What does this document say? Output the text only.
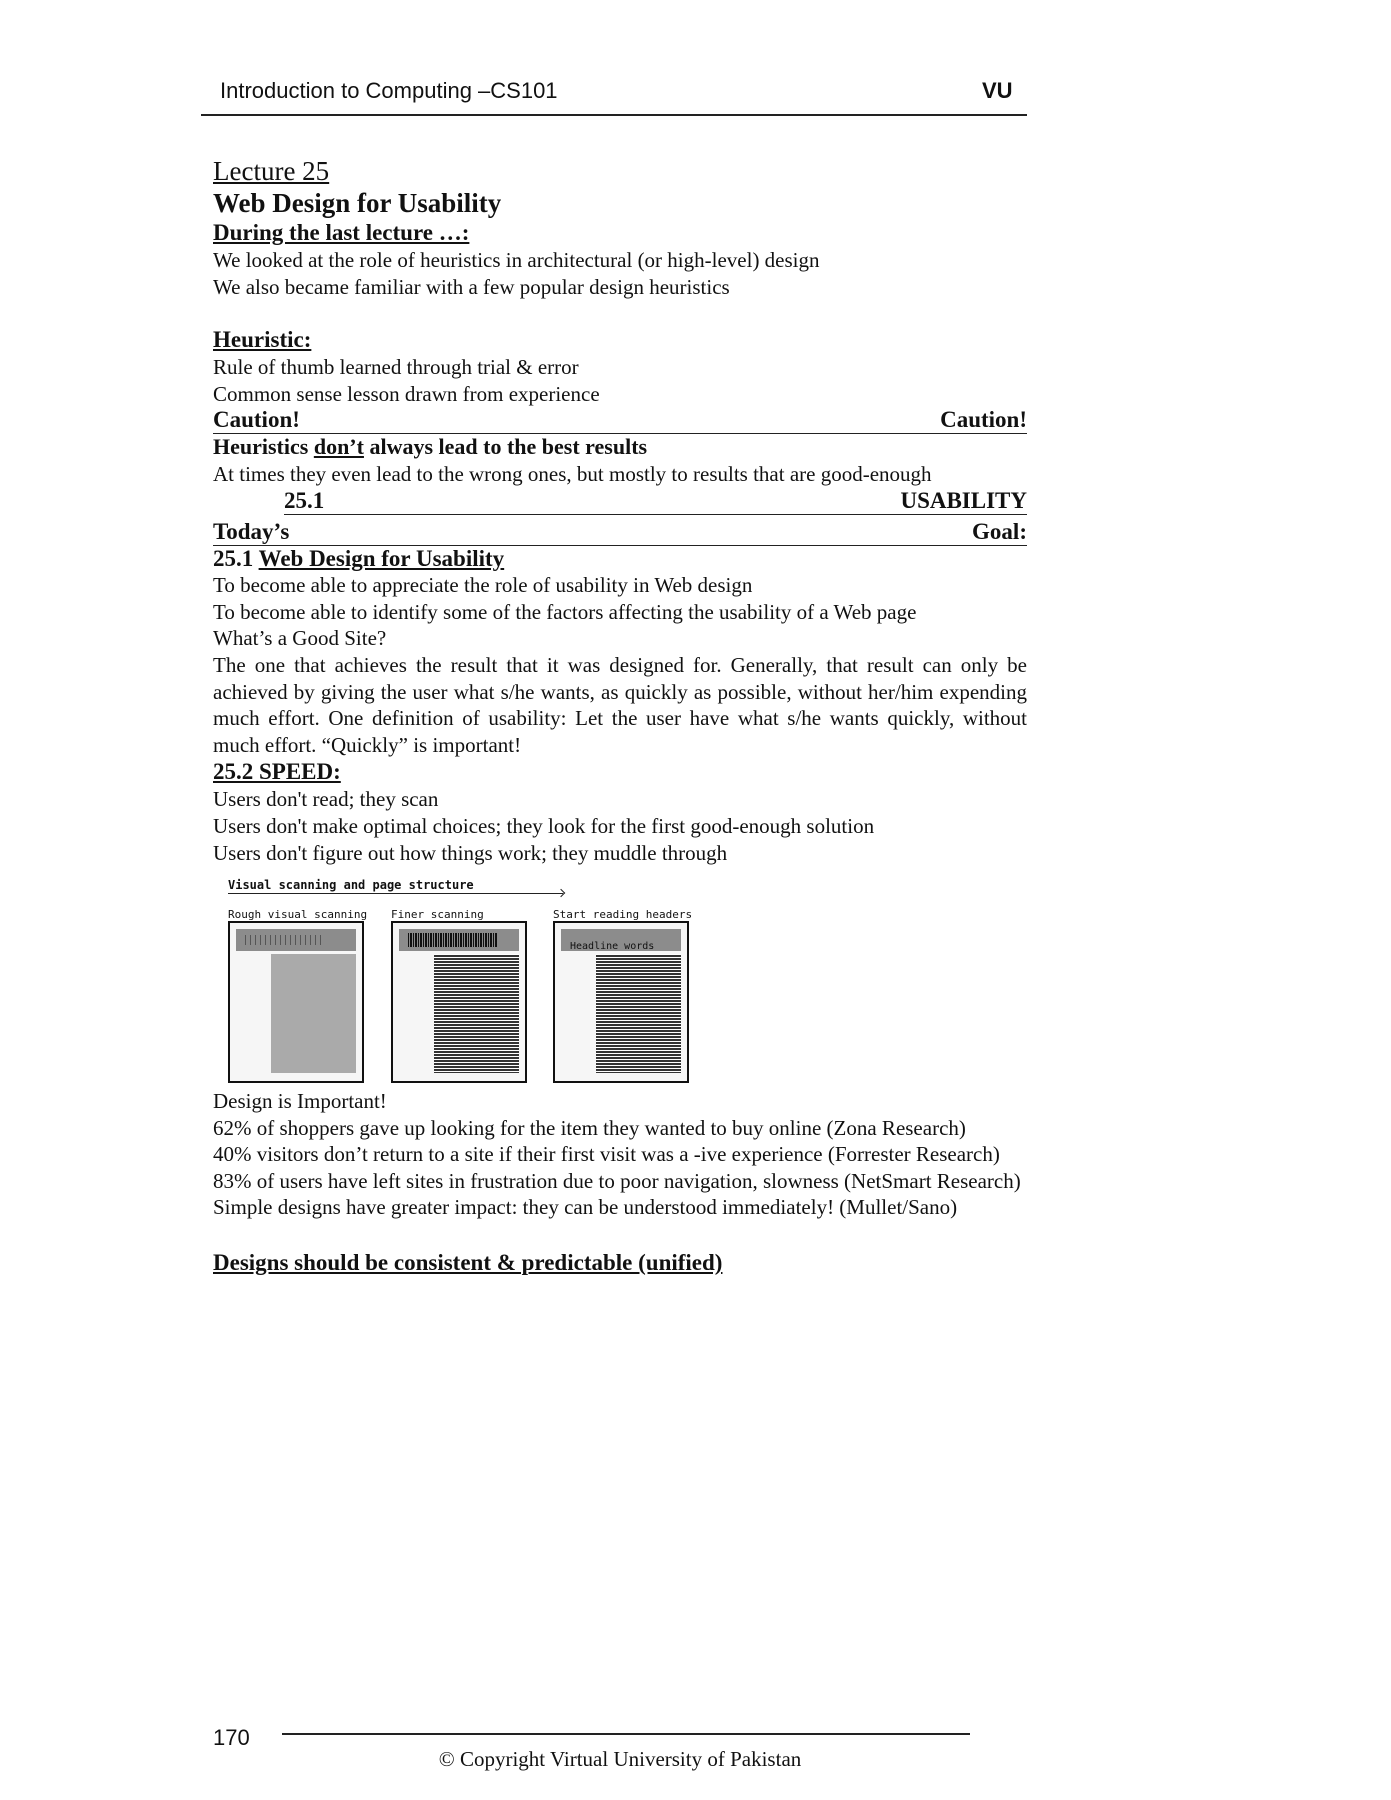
Introduction to Computing –CS101	VU

Lecture 25

Web Design for Usability

During the last lecture …:

We looked at the role of heuristics in architectural (or high-level) design

We also became familiar with a few popular design heuristics

Heuristic:

Rule of thumb learned through trial & error

Common sense lesson drawn from experience

Caution!	Caution!

Heuristics don’t always lead to the best results

At times they even lead to the wrong ones, but mostly to results that are good-enough

25.1	USABILITY
Today’s	Goal:

25.1 Web Design for Usability

To become able to appreciate the role of usability in Web design

To become able to identify some of the factors affecting the usability of a Web page

What’s a Good Site?

The one that achieves the result that it was designed for. Generally, that result can only be achieved by giving the user what s/he wants, as quickly as possible, without her/him expending much effort. One definition of usability: Let the user have what s/he wants quickly, without much effort. “Quickly” is important!

25.2 SPEED:

Users don't read; they scan

Users don't make optimal choices; they look for the first good-enough solution

Users don't figure out how things work; they muddle through

Visual scanning and page structure
Rough visual scanning Finer scanning	Start reading headers
Headline words

Design is Important!

62% of shoppers gave up looking for the item they wanted to buy online (Zona Research)

40% visitors don’t return to a site if their first visit was a -ive experience (Forrester Research)

83% of users have left sites in frustration due to poor navigation, slowness (NetSmart Research)

Simple designs have greater impact: they can be understood immediately! (Mullet/Sano)

Designs should be consistent & predictable (unified)

170
© Copyright Virtual University of Pakistan
